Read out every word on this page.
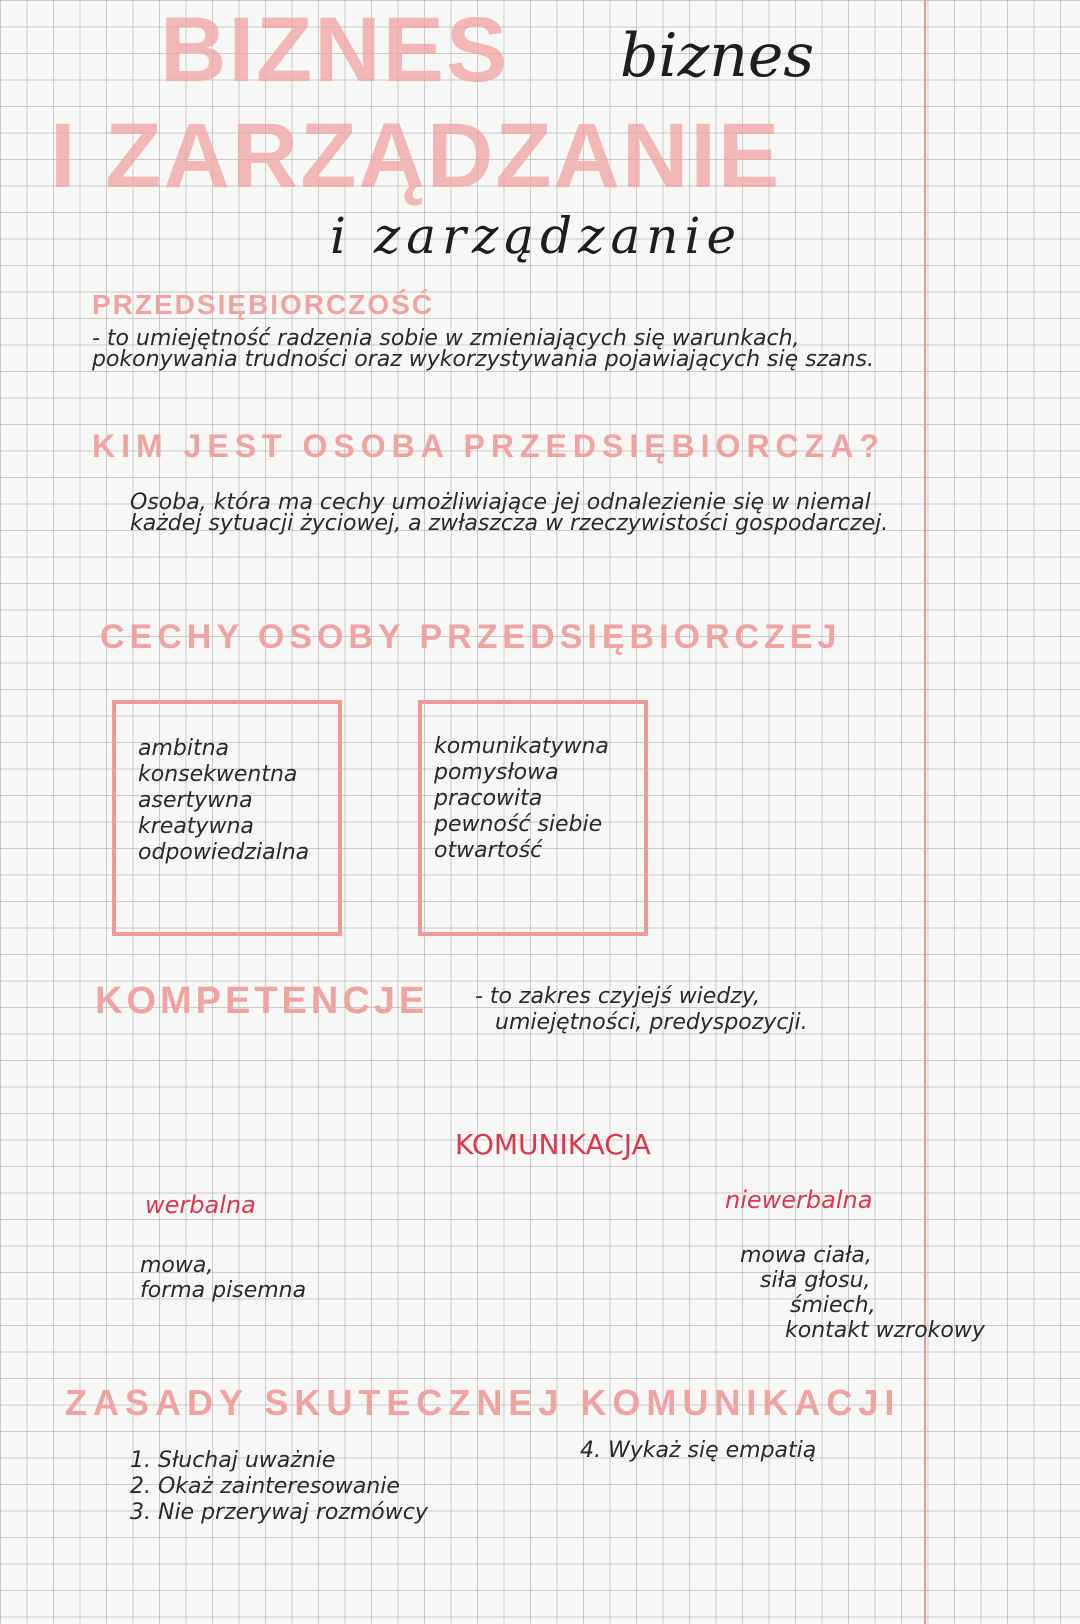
BIZNES biznes
I ZARZĄDZANIE
i zarządzanie
PRZEDSIĘBIORCZOŚĆ
- to umiejętność radzenia sobie w zmieniających się warunkach, pokonywania trudności oraz wykorzystywania pojawiających się szans.
KIM JEST OSOBA PRZEDSIĘBIORCZA?
Osoba, która ma cechy umożliwiające jej odnalezienie się w niemal każdej sytuacji życiowej, a zwłaszcza w rzeczywistości gospodarczej.
CECHY OSOBY PRZEDSIĘBIORCZEJ
ambitna
konsekwentna
asertywna
kreatywna
odpowiedzialna
komunikatywna
pomysłowa
pracowita
pewność siebie
otwartość
KOMPETENCJE - to zakres czyjejś wiedzy,
umiejętności, predyspozycji.
KOMUNIKACJA
werbalna
mowa,
forma pisemna
niewerbalna
mowa ciała,
siła głosu,
śmiech,
kontakt wzrokowy
ZASADY SKUTECZNEJ KOMUNIKACJI
1. Słuchaj uważnie
2. Okaż zainteresowanie
3. Nie przerywaj rozmówcy
4. Wykaż się empatią
